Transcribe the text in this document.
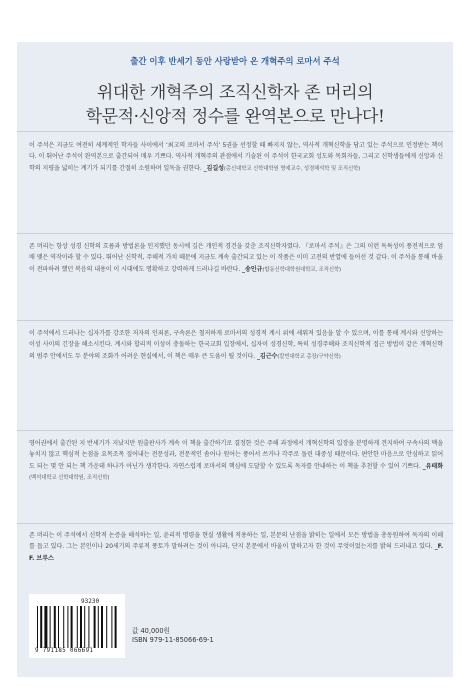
출간 이후 반세기 동안 사랑받아 온 개혁주의 로마서 주석
위대한 개혁주의 조직신학자 존 머리의
학문적·신앙적 정수를 완역본으로 만나다!
이 주석은 지금도 여전히 세계적인 학자들 사이에서 ‘최고의 로마서 주석’ 5권을 선정할 때 빠지지 않는, 역사적 개혁신학을 담고 있는 주석으로 인정받는 책이다. 이 뛰어난 주석이 완역본으로 출간되어 매우 기쁘다. 역사적 개혁주의 관점에서 기술된 이 주석이 한국교회 성도와 목회자들, 그리고 신학생들에게 신앙과 신학의 지평을 넓히는 계기가 되기를 간절히 소원하며 일독을 권한다. _김길성(총신대학교 신학대학원 명예교수, 성경해석학 및 조직신학)
존 머리는 항상 성경 신학의 흐름과 방법론을 인지했던 동시에 깊은 개인적 경건을 갖춘 조직신학자였다. 『로마서 주석』은 그의 이런 독특성이 풍전적으로 엄매 맺은 역작이라 할 수 있다. 뛰어난 신학적, 주해적 가치 때문에 지금도 계속 출간되고 있는 이 작품은 이미 고전의 반열에 들어선 것 같다. 이 주석을 통해 바울이 전파하려 했던 복음의 내용이 이 시대에도 명확하고 강력하게 드러나길 바란다. _송인규(합동신학대학원대학교, 조직신학)
이 주석에서 드러나는 십자가를 강조한 저자의 인죄론, 구속론은 철저하게 로마서의 성경적 계시 위에 세워져 있음을 알 수 있으며, 이를 통해 계시와 신앙하는 이성 사이의 긴장을 해소시킨다. 계시와 합리적 이성이 충돌하는 한국교회 입장에서, 십자이 성경신학, 특히 성경주해와 조직신학적 접근 방법이 같은 개혁신학의 범주 안에서도 두 분야의 조화가 어려운 현실에서, 이 책은 매우 큰 도움이 될 것이다. _김근수(칼빈대학교 총장/구약신학)
영어권에서 출간된 지 반세기가 지났지만 원출판사가 계속 이 책을 출간하기로 결정한 것은 주해 과정에서 개혁신학의 입장을 분명하게 견지하여 구속사의 맥을 놓치지 않고 핵심적 논점을 요목조목 짚어내는 전문성과, 전문적인 솜어나 원어는 풍어서 쓰거나 각주로 돌린 대중성 때문이다. 편안한 마음으로 안심하고 읽어도 되는 몇 안 되는 책 가운데 하나가 아닌가 생각한다. 자연스럽게 로마서의 핵심에 도달할 수 있도록 독자를 안내하는 이 책을 추천할 수 있어 기쁘다. _유태화(백석대학교 신학대학원, 조직신학)
존 머리는 이 주석에서 신학적 논증을 해석하는 일, 윤리적 명령을 현실 생활에 적용하는 일, 본문의 난점을 밝히는 일에서 모든 방법을 총동원하여 독자의 이해를 돕고 있다. 그는 본인이나 20세기의 주류적 풍토가 말하려는 것이 아니라, 단지 본문에서 바울이 말하고자 한 것이 무엇이었는지를 밝혀 드러내고 있다. _F. F. 브루스
93230
9 791185 066691
값 40,000원
ISBN 979-11-85066-69-1
